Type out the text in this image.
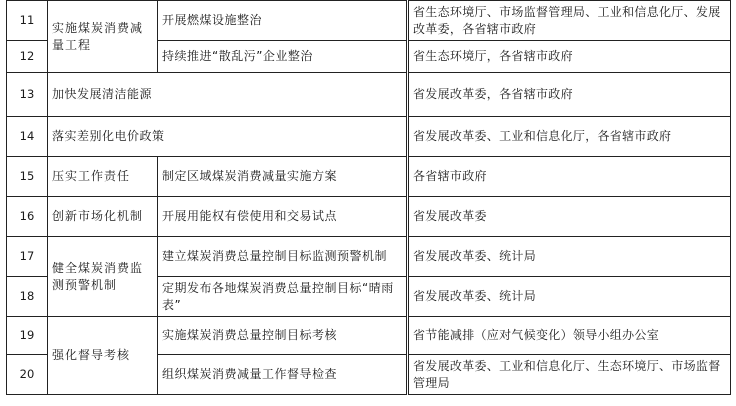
11	实施煤炭消费减量工程	开展燃煤设施整治	省生态环境厅、市场监督管理局、工业和信息化厅、发展改革委，各省辖市政府
12		持续推进“散乱污”企业整治	省生态环境厅，各省辖市政府
13	加快发展清洁能源		省发展改革委，各省辖市政府
14	落实差别化电价政策		省发展改革委、工业和信息化厅，各省辖市政府
15	压实工作责任	制定区域煤炭消费减量实施方案	各省辖市政府
16	创新市场化机制	开展用能权有偿使用和交易试点	省发展改革委
17	健全煤炭消费监测预警机制	建立煤炭消费总量控制目标监测预警机制	省发展改革委、统计局
18		定期发布各地煤炭消费总量控制目标“晴雨表”	省发展改革委、统计局
19	强化督导考核	实施煤炭消费总量控制目标考核	省节能减排（应对气候变化）领导小组办公室
20		组织煤炭消费减量工作督导检查	省发展改革委、工业和信息化厅、生态环境厅、市场监督管理局
